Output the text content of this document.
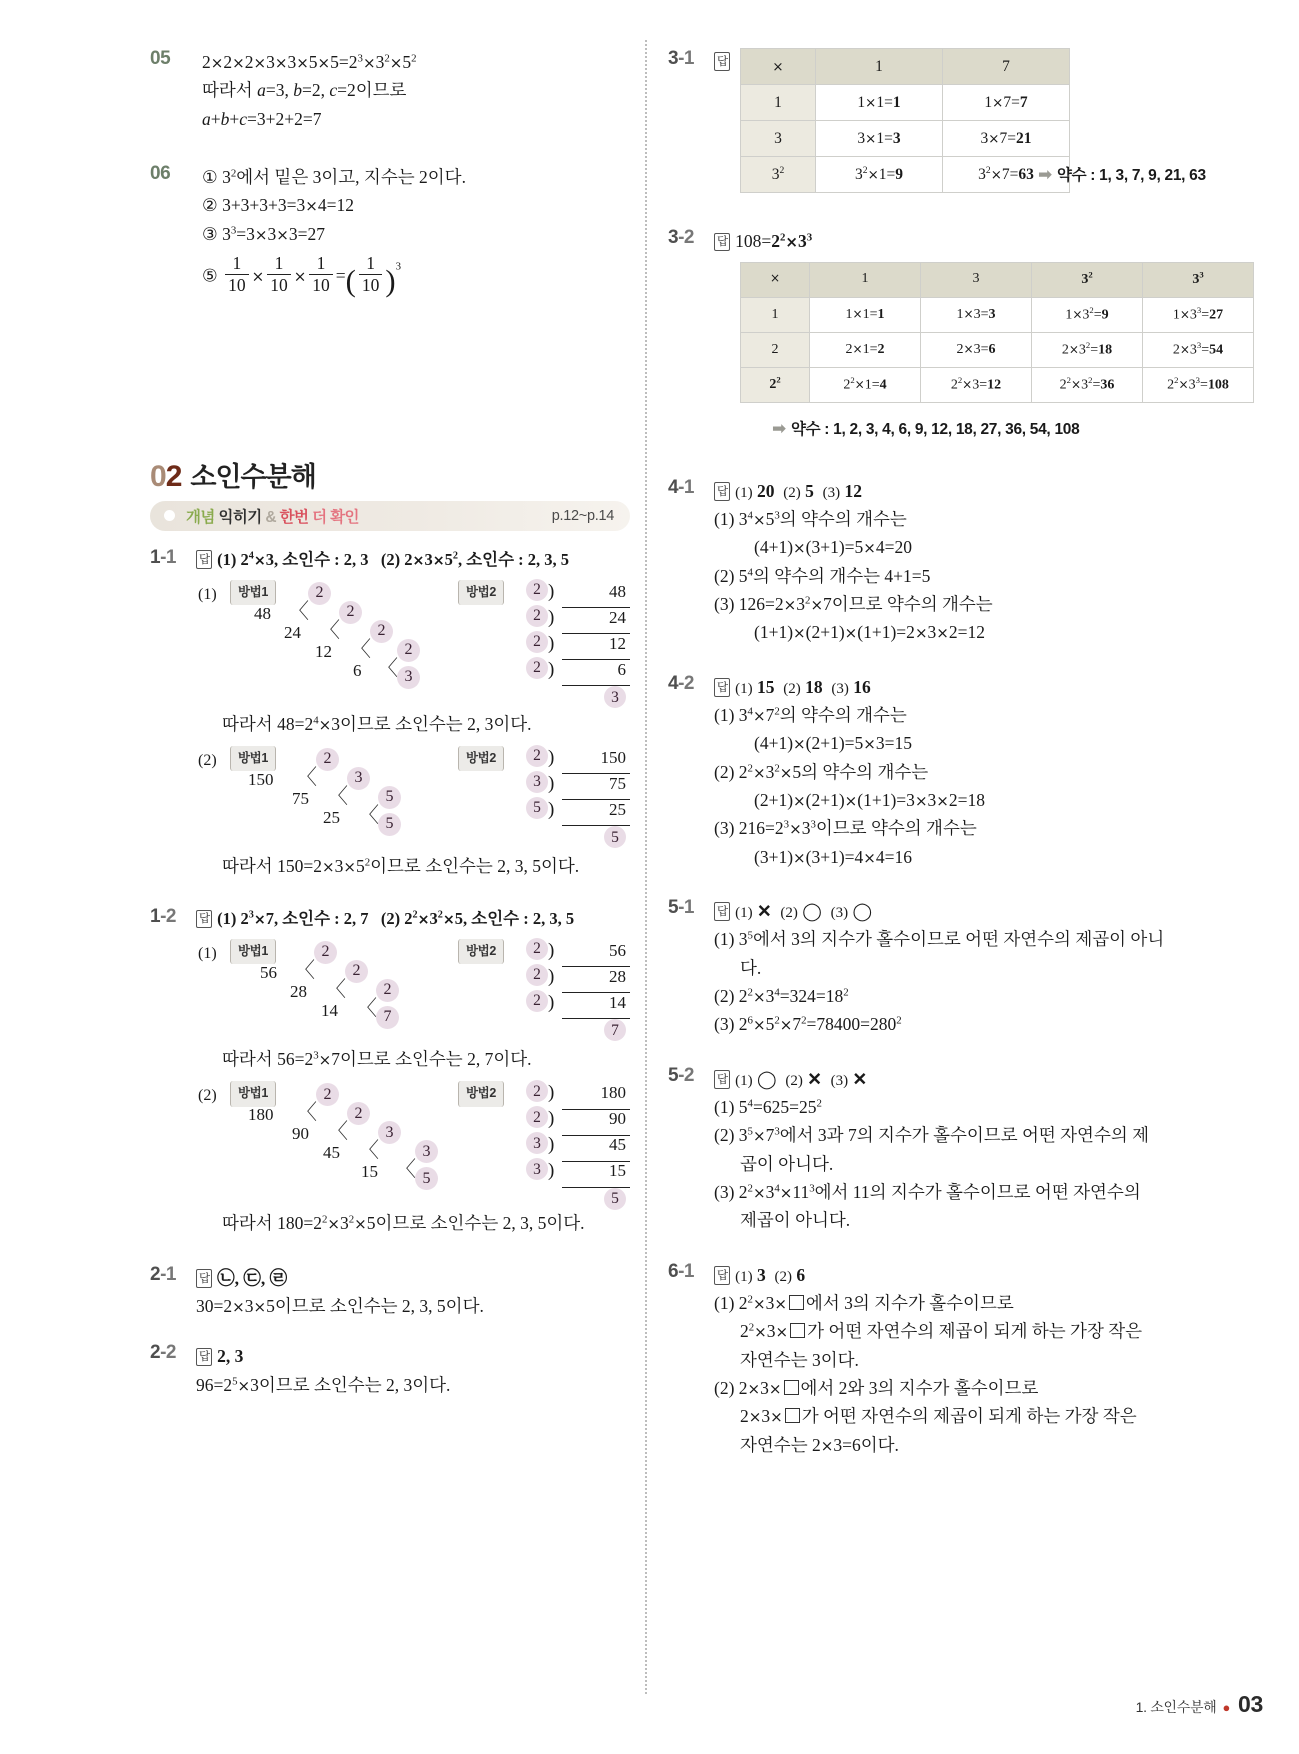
05	$2\times 2\times 2\times 3\times 3\times 5\times 5=2^3\times 3^2\times 5^2$
따라서 a=3, b=2, c=2이므로
a+b+c=3+2+2=7
06	① $3^2$에서 밑은 3이고, 지수는 2이다.
② 3+3+3+3=3×4=12
③ $3^3=3\times 3\times 3=27$
⑤ $\frac{1}{10} \times \frac{1}{10} \times \frac{1}{10}$ =( $\frac{1}{10} )^3$
02 소인수분해
개념 익히기 & 한번 더 확인	p.12~p.14
1-1	답 (1) $2^4\times 3$, 소인수 : 2, 3   (2) $2\times 3\times 5^2$, 소인수 : 2, 3, 5
(1)	방법1
48
〈
2
24
〈
2
12
〈
2
6
〈
2
3
방법2	2 )	48
2 )	24
2 )	12
2 )	6
3
따라서 $48=2^4\times 3$이므로 소인수는 2, 3이다.
(2)	방법1
150
〈
2
75
〈
3
25
〈
5
5
방법2	2 )	150
3 )	75
5 )	25
5
따라서 $150=2\times 3\times 5^2$이므로 소인수는 2, 3, 5이다.
1-2	답 (1) $2^3\times 7$, 소인수 : 2, 7   (2) $2^2\times 3^2\times 5$, 소인수 : 2, 3, 5
(1)	방법1
56
〈
2
28
〈
2
14
〈
2
7
방법2	2 )	56
2 )	28
2 )	14
7
따라서 $56=2^3\times 7$이므로 소인수는 2, 7이다.
(2)	방법1
180
〈
2
90
〈
2
45
〈
3
15
〈
3
5
방법2	2 )	180
2 )	90
3 )	45
3 )	15
5
따라서 $180=2^2\times 3^2\times 5$이므로 소인수는 2, 3, 5이다.
2-1	답 ㉡, ㉢, ㉣
30=2×3×5이므로 소인수는 2, 3, 5이다.
2-2	답 2, 3
$96=2^5\times 3$이므로 소인수는 2, 3이다.
3-1	답	×	1	7
1	1×1=1	1×7=7
3	3×1=3	3×7=21
$3^2$	$3^2\times 1=9$	$3^2\times 7=63$ ➡ 약수 : 1, 3, 7, 9, 21, 63
3-2	답 $108=2^2\times 3^3$
×	1	3	$3^2$	$3^3$
1	1×1=1	1×3=3	$1\times 3^2=9$	$1\times 3^3=27$
2	2×1=2	2×3=6	$2\times 3^2=18$	$2\times 3^3=54$
$2^2$	$2^2\times 1=4$	$2^2\times 3=12$	$2^2\times 3^2=36$	$2^2\times 3^3=108$
➡ 약수 : 1, 2, 3, 4, 6, 9, 12, 18, 27, 36, 54, 108
4-1	답 (1) 20 (2) 5 (3) 12
(1) $3^4\times 5^3$의 약수의 개수는
(4+1)×(3+1)=5×4=20
(2) $5^4$의 약수의 개수는 4+1=5
(3) $126=2\times 3^2\times 7$이므로 약수의 개수는
(1+1)×(2+1)×(1+1)=2×3×2=12
4-2	답 (1) 15 (2) 18 (3) 16
(1) $3^4\times 7^2$의 약수의 개수는
(4+1)×(2+1)=5×3=15
(2) $2^2\times 3^2\times 5$의 약수의 개수는
(2+1)×(2+1)×(1+1)=3×3×2=18
(3) $216=2^3\times 3^3$이므로 약수의 개수는
(3+1)×(3+1)=4×4=16
5-1	답 (1) ✕ (2) ◯ (3) ◯
(1) $3^5$에서 3의 지수가 홀수이므로 어떤 자연수의 제곱이 아니
다.
(2) $2^2\times 3^4=324=18^2$
(3) $2^6\times 5^2\times 7^2=78400=280^2$
5-2	답 (1) ◯ (2) ✕ (3) ✕
(1) $5^4=625=25^2$
(2) $3^5\times 7^3$에서 3과 7의 지수가 홀수이므로 어떤 자연수의 제
곱이 아니다.
(3) $2^2\times 3^4\times 11^3$에서 11의 지수가 홀수이므로 어떤 자연수의
제곱이 아니다.
6-1	답 (1) 3 (2) 6
(1) $2^2\times 3\times$ 에서 3의 지수가 홀수이므로
$2^2\times 3\times$ 가 어떤 자연수의 제곱이 되게 하는 가장 작은
자연수는 3이다.
(2) 2×3× 에서 2와 3의 지수가 홀수이므로
2×3× 가 어떤 자연수의 제곱이 되게 하는 가장 작은
자연수는 2×3=6이다.
1. 소인수분해 ● 03
